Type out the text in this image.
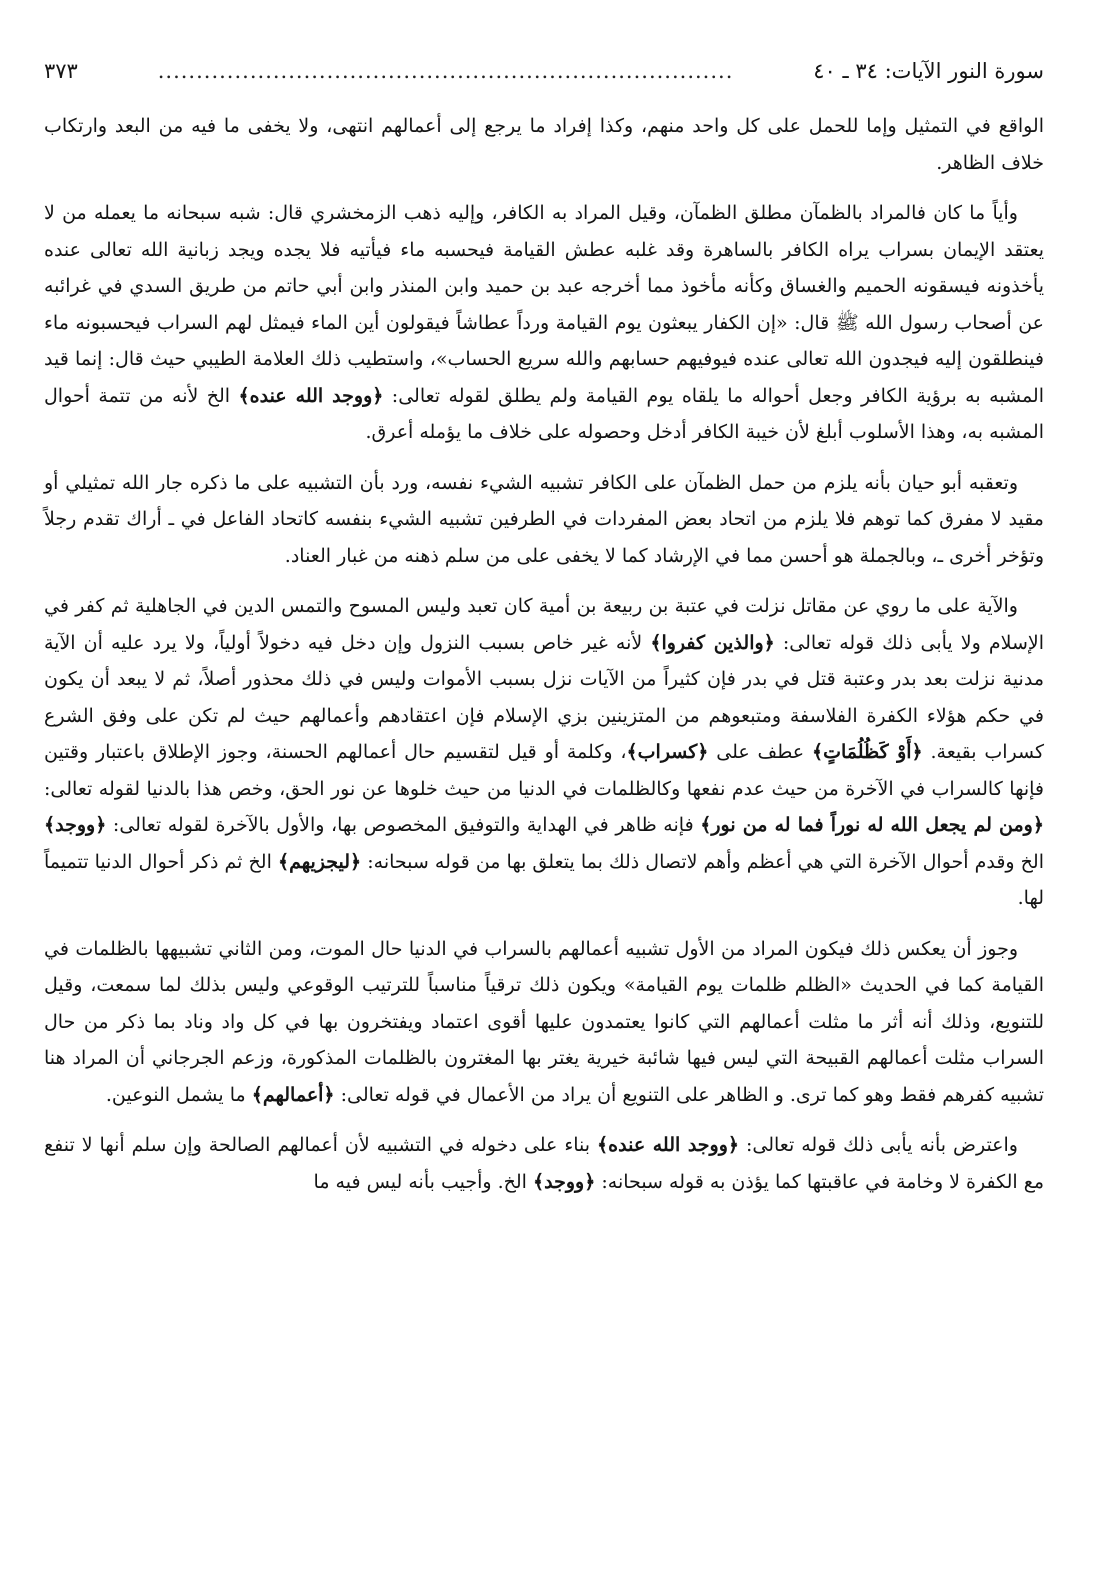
سورة النور الآيات: ٣٤ ـ ٤٠
...........................................................................
٣٧٣

الواقع في التمثيل وإما للحمل على كل واحد منهم، وكذا إفراد ما يرجع إلى أعمالهم انتهى، ولا يخفى ما فيه من البعد وارتكاب خلاف الظاهر.

وأياً ما كان فالمراد بالظمآن مطلق الظمآن، وقيل المراد به الكافر، وإليه ذهب الزمخشري قال: شبه سبحانه ما يعمله من لا يعتقد الإيمان بسراب يراه الكافر بالساهرة وقد غلبه عطش القيامة فيحسبه ماء فيأتيه فلا يجده ويجد زبانية الله تعالى عنده يأخذونه فيسقونه الحميم والغساق وكأنه مأخوذ مما أخرجه عبد بن حميد وابن المنذر وابن أبي حاتم من طريق السدي في غرائبه عن أصحاب رسول الله ﷺ قال: «إن الكفار يبعثون يوم القيامة ورداً عطاشاً فيقولون أين الماء فيمثل لهم السراب فيحسبونه ماء فينطلقون إليه فيجدون الله تعالى عنده فيوفيهم حسابهم والله سريع الحساب»، واستطيب ذلك العلامة الطيبي حيث قال: إنما قيد المشبه به برؤية الكافر وجعل أحواله ما يلقاه يوم القيامة ولم يطلق لقوله تعالى: ﴿ووجد الله عنده﴾ الخ لأنه من تتمة أحوال المشبه به، وهذا الأسلوب أبلغ لأن خيبة الكافر أدخل وحصوله على خلاف ما يؤمله أعرق.

وتعقبه أبو حيان بأنه يلزم من حمل الظمآن على الكافر تشبيه الشيء نفسه، ورد بأن التشبيه على ما ذكره جار الله تمثيلي أو مقيد لا مفرق كما توهم فلا يلزم من اتحاد بعض المفردات في الطرفين تشبيه الشيء بنفسه كاتحاد الفاعل في ـ أراك تقدم رجلاً وتؤخر أخرى ـ، وبالجملة هو أحسن مما في الإرشاد كما لا يخفى على من سلم ذهنه من غبار العناد.

والآية على ما روي عن مقاتل نزلت في عتبة بن ربيعة بن أمية كان تعبد وليس المسوح والتمس الدين في الجاهلية ثم كفر في الإسلام ولا يأبى ذلك قوله تعالى: ﴿والذين كفروا﴾ لأنه غير خاص بسبب النزول وإن دخل فيه دخولاً أولياً، ولا يرد عليه أن الآية مدنية نزلت بعد بدر وعتبة قتل في بدر فإن كثيراً من الآيات نزل بسبب الأموات وليس في ذلك محذور أصلاً، ثم لا يبعد أن يكون في حكم هؤلاء الكفرة الفلاسفة ومتبعوهم من المتزينين بزي الإسلام فإن اعتقادهم وأعمالهم حيث لم تكن على وفق الشرع كسراب بقيعة. ﴿أَوْ كَظُلُمَاتٍ﴾ عطف على ﴿كسراب﴾، وكلمة أو قيل لتقسيم حال أعمالهم الحسنة، وجوز الإطلاق باعتبار وقتين فإنها كالسراب في الآخرة من حيث عدم نفعها وكالظلمات في الدنيا من حيث خلوها عن نور الحق، وخص هذا بالدنيا لقوله تعالى: ﴿ومن لم يجعل الله له نوراً فما له من نور﴾ فإنه ظاهر في الهداية والتوفيق المخصوص بها، والأول بالآخرة لقوله تعالى: ﴿ووجد﴾ الخ وقدم أحوال الآخرة التي هي أعظم وأهم لاتصال ذلك بما يتعلق بها من قوله سبحانه: ﴿ليجزيهم﴾ الخ ثم ذكر أحوال الدنيا تتميماً لها.

وجوز أن يعكس ذلك فيكون المراد من الأول تشبيه أعمالهم بالسراب في الدنيا حال الموت، ومن الثاني تشبيهها بالظلمات في القيامة كما في الحديث «الظلم ظلمات يوم القيامة» ويكون ذلك ترقياً مناسباً للترتيب الوقوعي وليس بذلك لما سمعت، وقيل للتنويع، وذلك أنه أثر ما مثلت أعمالهم التي كانوا يعتمدون عليها أقوى اعتماد ويفتخرون بها في كل واد وناد بما ذكر من حال السراب مثلت أعمالهم القبيحة التي ليس فيها شائبة خيرية يغتر بها المغترون بالظلمات المذكورة، وزعم الجرجاني أن المراد هنا تشبيه كفرهم فقط وهو كما ترى. و الظاهر على التنويع أن يراد من الأعمال في قوله تعالى: ﴿أعمالهم﴾ ما يشمل النوعين.

واعترض بأنه يأبى ذلك قوله تعالى: ﴿ووجد الله عنده﴾ بناء على دخوله في التشبيه لأن أعمالهم الصالحة وإن سلم أنها لا تنفع مع الكفرة لا وخامة في عاقبتها كما يؤذن به قوله سبحانه: ﴿ووجد﴾ الخ. وأجيب بأنه ليس فيه ما
